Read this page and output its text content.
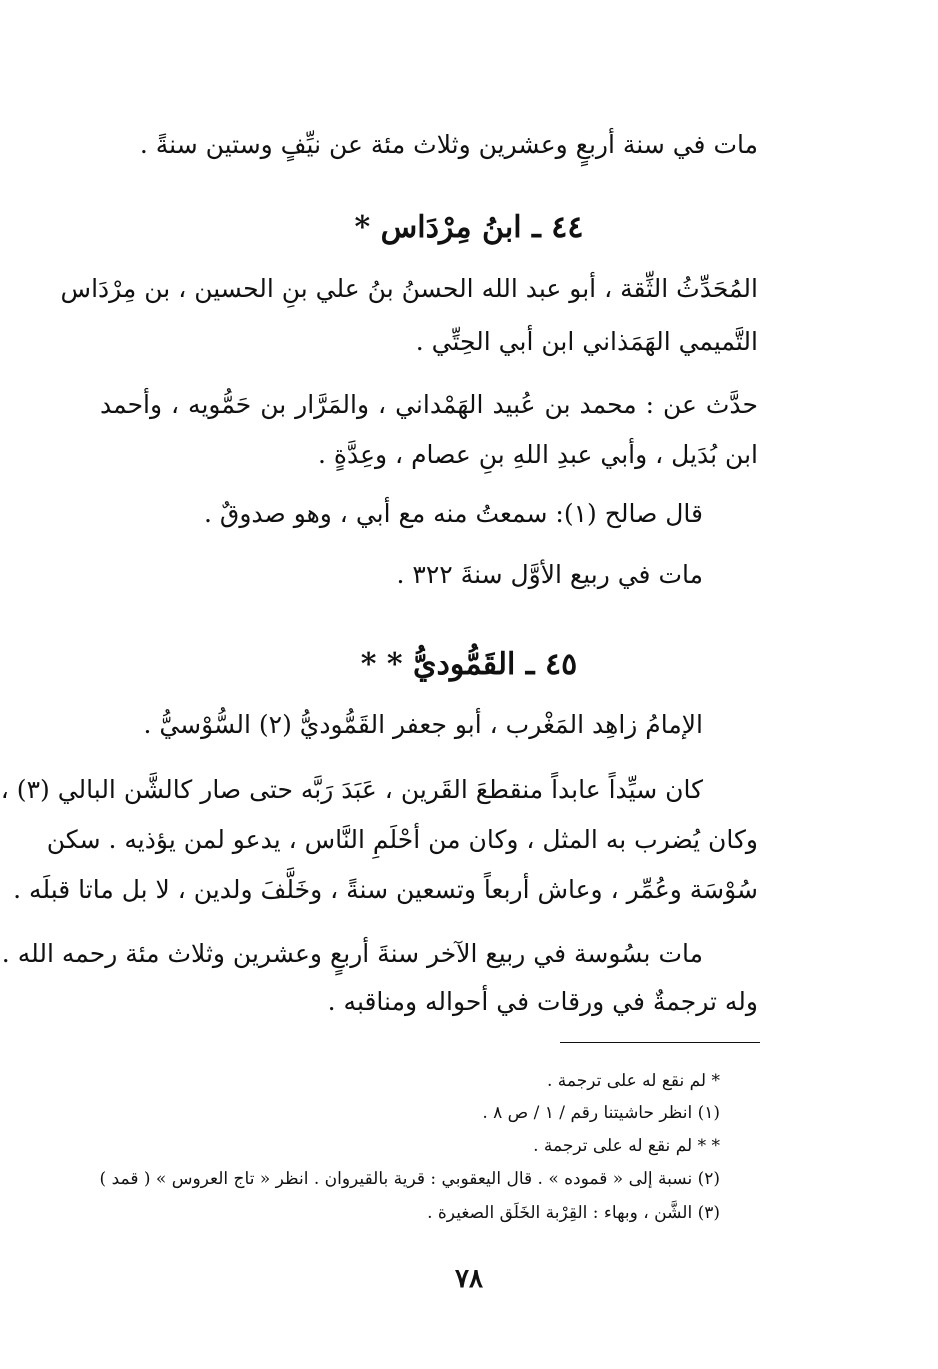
مات في سنة أربعٍ وعشرين وثلاث مئة عن نيِّفٍ وستين سنةً .
٤٤ ـ ابنُ مِرْدَاس *
المُحَدِّثُ الثِّقة ، أبو عبد الله الحسنُ بنُ علي بنِ الحسين ، بن مِرْدَاس
التَّميمي الهَمَذاني ابن أبي الحِتِّي .
حدَّث عن : محمد بن عُبيد الهَمْداني ، والمَرَّار بن حَمُّويه ، وأحمد
ابن بُدَيل ، وأبي عبدِ اللهِ بنِ عصام ، وعِدَّةٍ .
قال صالح (١): سمعتُ منه مع أبي ، وهو صدوقٌ .
مات في ربيع الأوَّل سنةَ ٣٢٢ .
٤٥ ـ القَمُّوديُّ * *
الإمامُ زاهِد المَغْرب ، أبو جعفر القَمُّوديُّ (٢) السُّوْسيُّ .
كان سيِّداً عابداً منقطعَ القَرين ، عَبَدَ رَبَّه حتى صار كالشَّن البالي (٣) ،
وكان يُضرب به المثل ، وكان من أحْلَمِ النَّاس ، يدعو لمن يؤذيه . سكن
سُوْسَة وعُمِّر ، وعاش أربعاً وتسعين سنةً ، وخَلَّفَ ولدين ، لا بل ماتا قبلَه .
مات بسُوسة في ربيع الآخر سنةَ أربعٍ وعشرين وثلاث مئة رحمه الله .
وله ترجمةٌ في ورقات في أحواله ومناقبه .
* لم نقع له على ترجمة .
(١) انظر حاشيتنا رقم / ١ / ص ٨ .
* * لم نقع له على ترجمة .
(٢) نسبة إلى « قموده » . قال اليعقوبي : قرية بالقيروان . انظر « تاج العروس » ( قمد )
(٣) الشَّن ، وبهاء : القِرْبة الخَلَق الصغيرة .
٧٨
